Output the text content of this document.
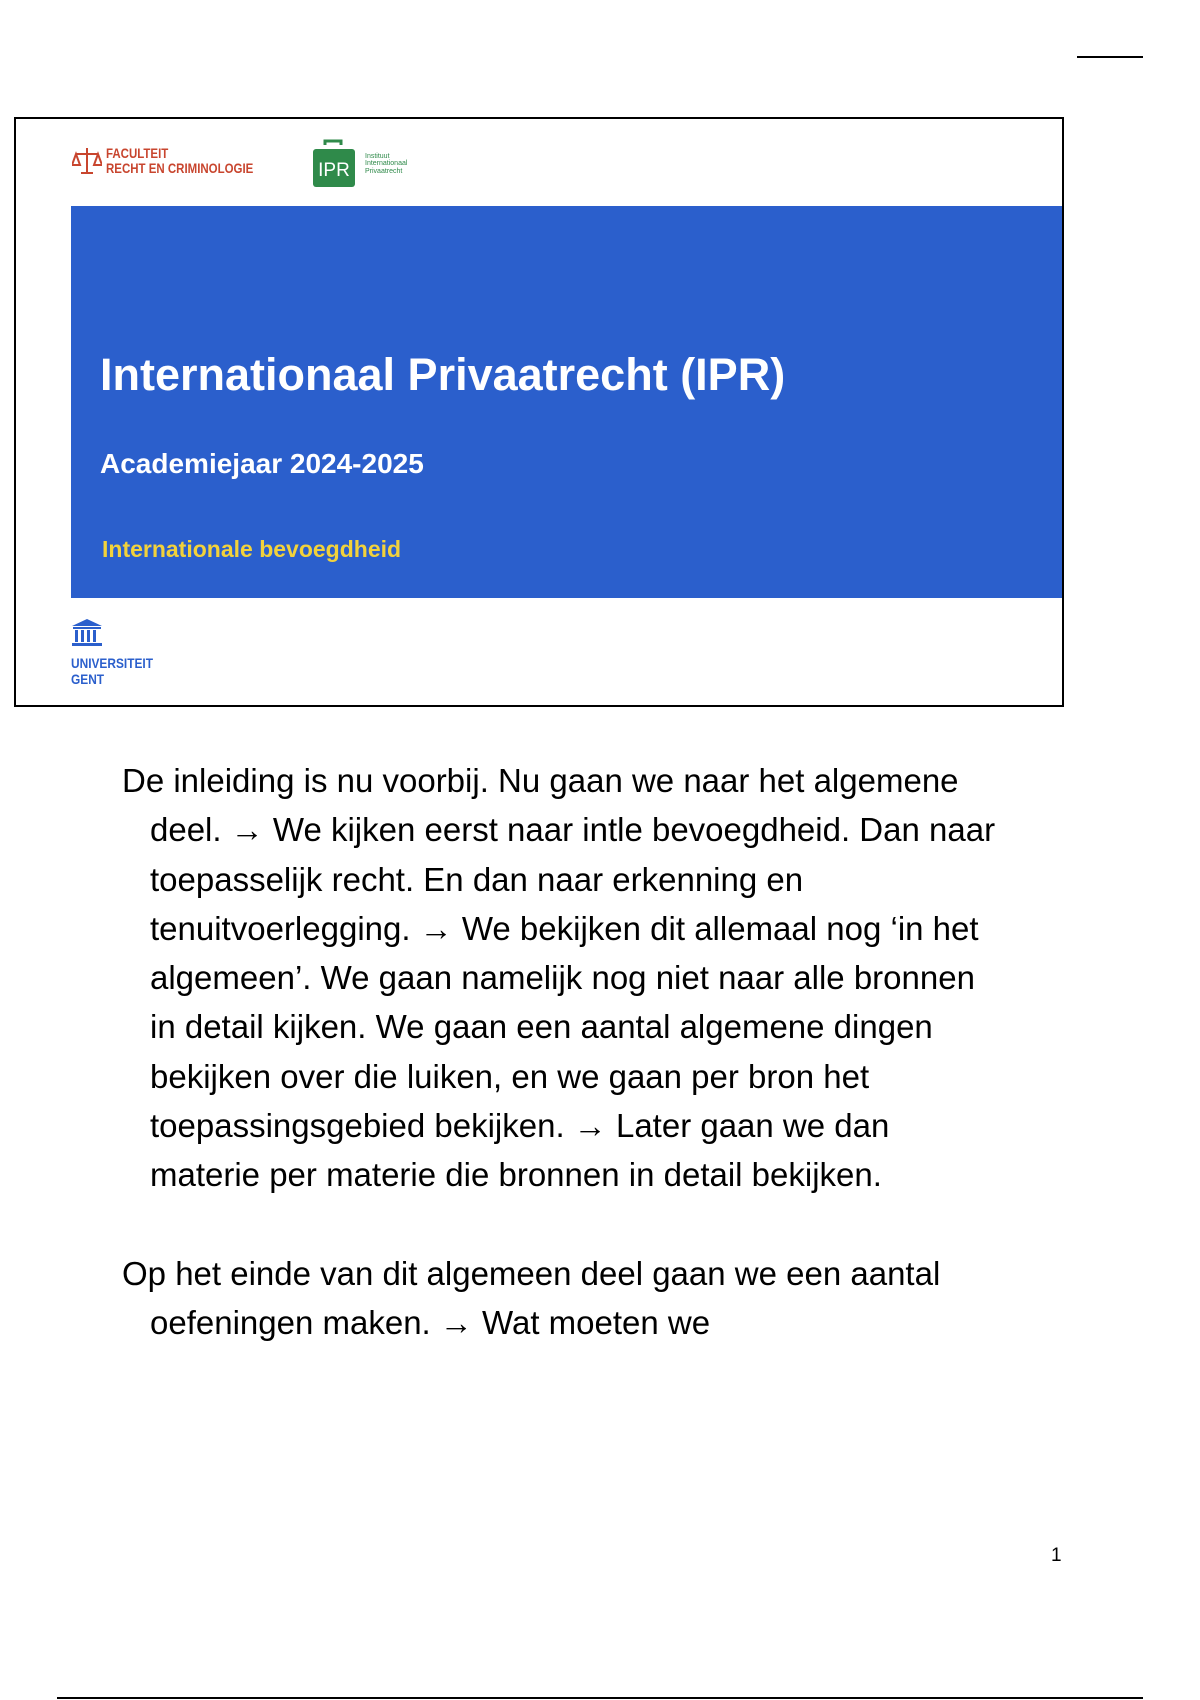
FACULTEIT
RECHT EN CRIMINOLOGIE	IPR
Instituut
Internationaal
Privaatrecht
Internationaal Privaatrecht (IPR)
Academiejaar 2024-2025
Internationale bevoegdheid
UNIVERSITEIT
GENT

De inleiding is nu voorbij. Nu gaan we naar het algemene deel. → We kijken eerst naar intle bevoegdheid. Dan naar toepasselijk recht. En dan naar erkenning en tenuitvoerlegging. → We bekijken dit allemaal nog ‘in het algemeen’. We gaan namelijk nog niet naar alle bronnen in detail kijken. We gaan een aantal algemene dingen bekijken over die luiken, en we gaan per bron het toepassingsgebied bekijken. → Later gaan we dan materie per materie die bronnen in detail bekijken.

Op het einde van dit algemeen deel gaan we een aantal oefeningen maken. → Wat moeten we

1
